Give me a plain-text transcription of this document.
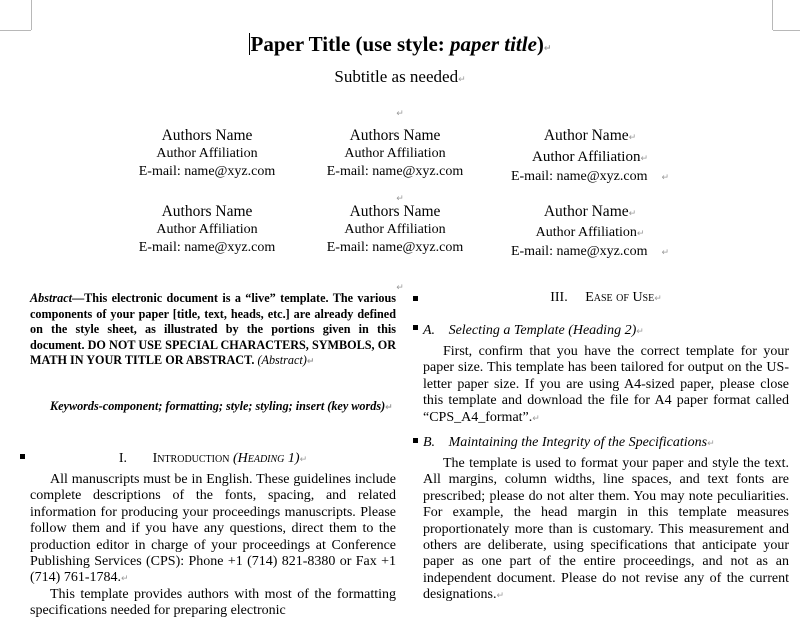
Paper Title (use style: paper title)↵
Subtitle as needed↵
↵
Authors Name
Author Affiliation
E-mail: name@xyz.com
Authors Name
Author Affiliation
E-mail: name@xyz.com
Author Name↵
Author Affiliation↵
E-mail: name@xyz.com ↵
↵
Authors Name
Author Affiliation
E-mail: name@xyz.com
Authors Name
Author Affiliation
E-mail: name@xyz.com
Author Name↵
Author Affiliation↵
E-mail: name@xyz.com ↵
↵
Abstract—This electronic document is a “live” template. The various components of your paper [title, text, heads, etc.] are already defined on the style sheet, as illustrated by the portions given in this document. DO NOT USE SPECIAL CHARACTERS, SYMBOLS, OR MATH IN YOUR TITLE OR ABSTRACT. (Abstract)↵
Keywords-component; formatting; style; styling; insert (key words)↵
I. Introduction (Heading 1)↵
All manuscripts must be in English. These guidelines include complete descriptions of the fonts, spacing, and related information for producing your proceedings manuscripts. Please follow them and if you have any questions, direct them to the production editor in charge of your proceedings at Conference Publishing Services (CPS): Phone +1 (714) 821-8380 or Fax +1 (714) 761-1784.↵
This template provides authors with most of the formatting specifications needed for preparing electronic
III. Ease of Use↵
A. Selecting a Template (Heading 2)↵
First, confirm that you have the correct template for your paper size. This template has been tailored for output on the US-letter paper size. If you are using A4-sized paper, please close this template and download the file for A4 paper format called “CPS_A4_format”.↵
B. Maintaining the Integrity of the Specifications↵
The template is used to format your paper and style the text. All margins, column widths, line spaces, and text fonts are prescribed; please do not alter them. You may note peculiarities. For example, the head margin in this template measures proportionately more than is customary. This measurement and others are deliberate, using specifications that anticipate your paper as one part of the entire proceedings, and not as an independent document. Please do not revise any of the current designations.↵
